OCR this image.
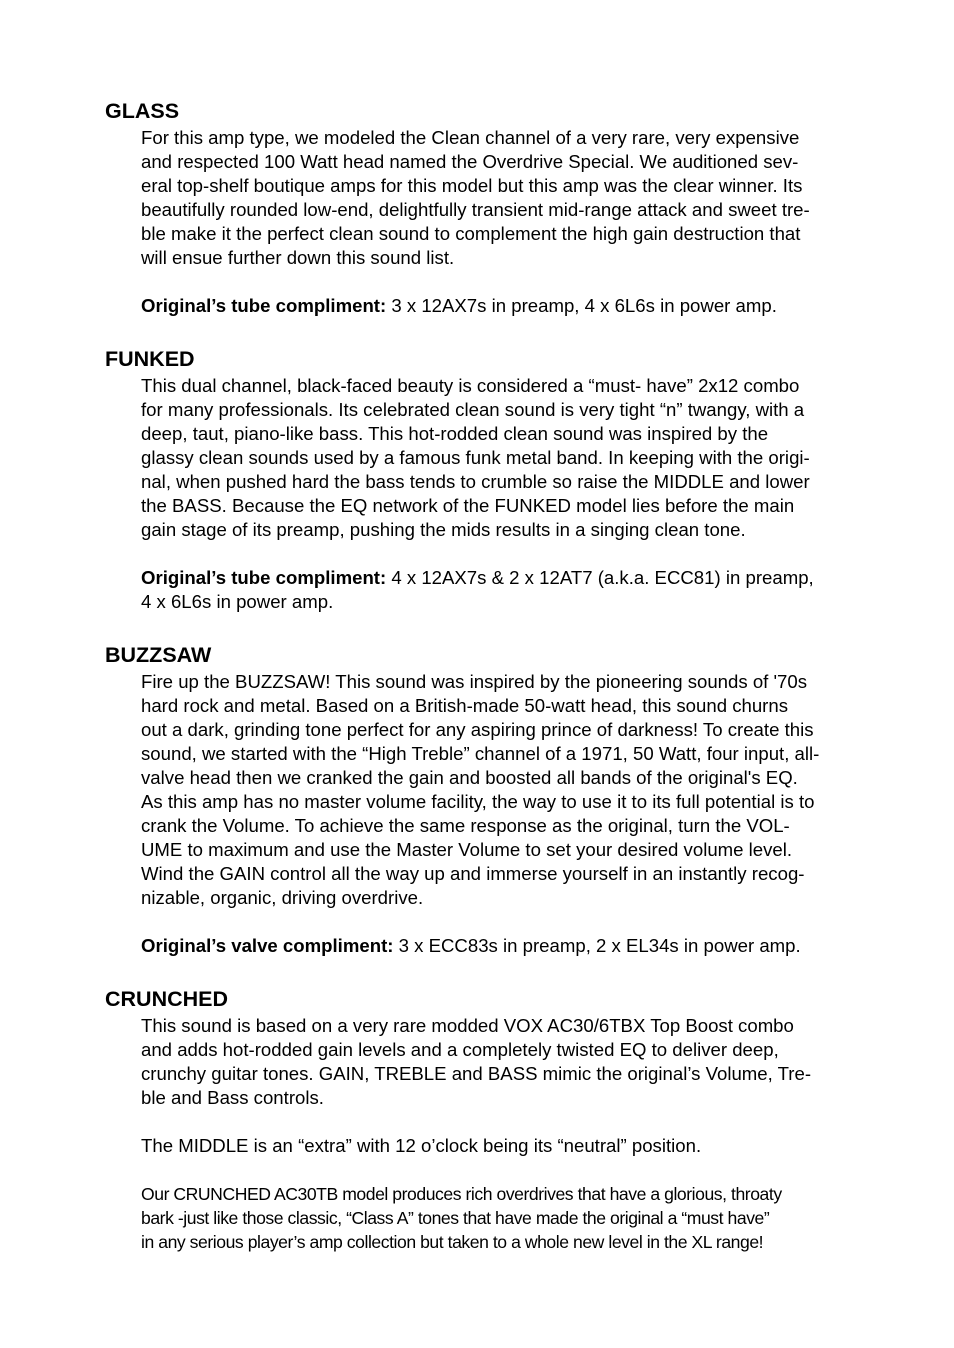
GLASS

For this amp type, we modeled the Clean channel of a very rare, very expensive

and respected 100 Watt head named the Overdrive Special. We auditioned sev-

eral top-shelf boutique amps for this model but this amp was the clear winner. Its

beautifully rounded low-end, delightfully transient mid-range attack and sweet tre-

ble make it the perfect clean sound to complement the high gain destruction that

will ensue further down this sound list.

Original’s tube compliment: 3 x 12AX7s in preamp, 4 x 6L6s in power amp.

FUNKED

This dual channel, black-faced beauty is considered a “must- have” 2x12 combo

for many professionals. Its celebrated clean sound is very tight “n” twangy, with a

deep, taut, piano-like bass. This hot-rodded clean sound was inspired by the

glassy clean sounds used by a famous funk metal band. In keeping with the origi-

nal, when pushed hard the bass tends to crumble so raise the MIDDLE and lower

the BASS. Because the EQ network of the FUNKED model lies before the main

gain stage of its preamp, pushing the mids results in a singing clean tone.

Original’s tube compliment: 4 x 12AX7s & 2 x 12AT7 (a.k.a. ECC81) in preamp,

4 x 6L6s in power amp.

BUZZSAW

Fire up the BUZZSAW! This sound was inspired by the pioneering sounds of '70s

hard rock and metal. Based on a British-made 50-watt head, this sound churns

out a dark, grinding tone perfect for any aspiring prince of darkness! To create this

sound, we started with the “High Treble” channel of a 1971, 50 Watt, four input, all-

valve head then we cranked the gain and boosted all bands of the original's EQ.

As this amp has no master volume facility, the way to use it to its full potential is to

crank the Volume. To achieve the same response as the original, turn the VOL-

UME to maximum and use the Master Volume to set your desired volume level.

Wind the GAIN control all the way up and immerse yourself in an instantly recog-

nizable, organic, driving overdrive.

Original’s valve compliment: 3 x ECC83s in preamp, 2 x EL34s in power amp.

CRUNCHED

This sound is based on a very rare modded VOX AC30/6TBX Top Boost combo

and adds hot-rodded gain levels and a completely twisted EQ to deliver deep,

crunchy guitar tones. GAIN, TREBLE and BASS mimic the original’s Volume, Tre-

ble and Bass controls.

The MIDDLE is an “extra” with 12 o’clock being its “neutral” position.

Our CRUNCHED AC30TB model produces rich overdrives that have a glorious, throaty

bark -just like those classic, “Class A” tones that have made the original a “must have”

in any serious player’s amp collection but taken to a whole new level in the XL range!
